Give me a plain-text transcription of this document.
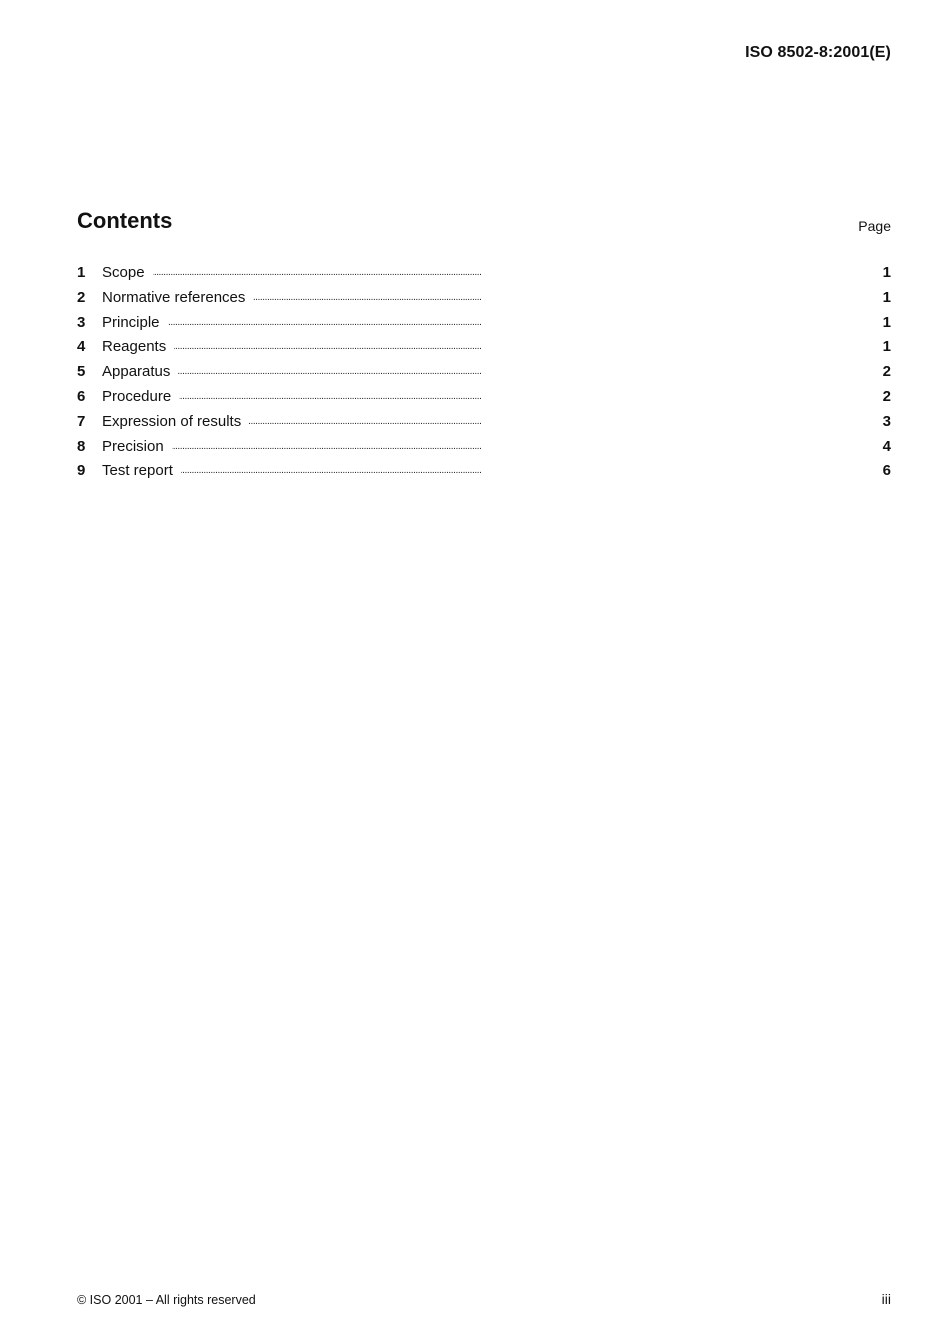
ISO 8502-8:2001(E)
Contents	Page
1 Scope . . .	1
2 Normative references . . .	1
3 Principle . . .	1
4 Reagents . . .	1
5 Apparatus . . .	2
6 Procedure . . .	2
7 Expression of results . . .	3
8 Precision . . .	4
9 Test report . . .	6
© ISO 2001 – All rights reserved	iii
